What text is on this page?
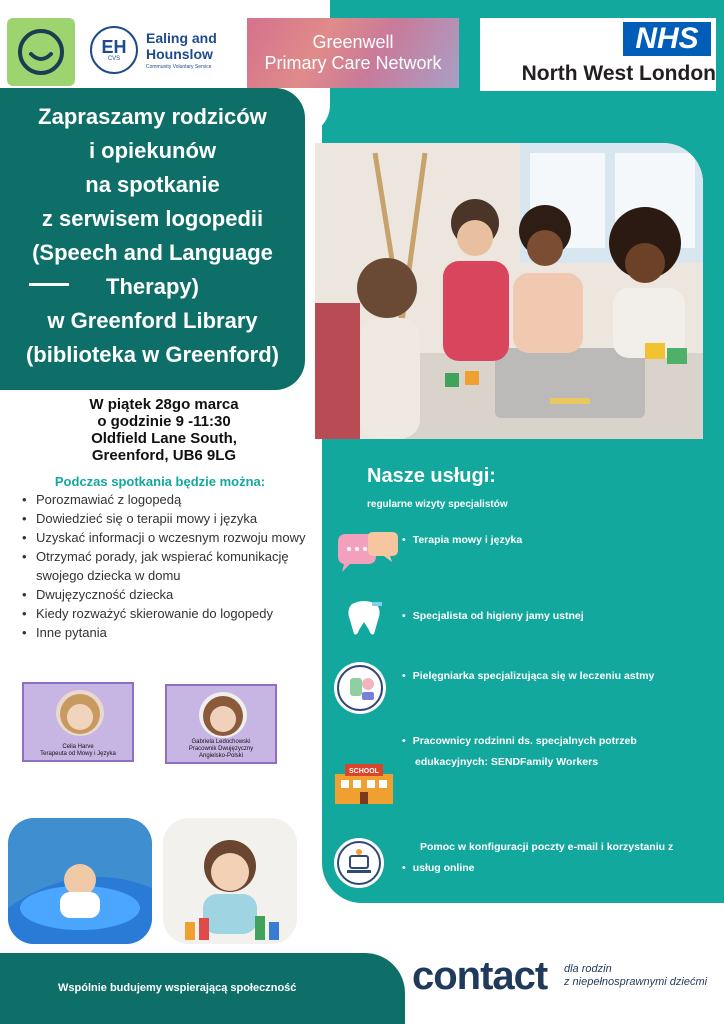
EH
CVS
Ealing and
Hounslow
Community Voluntary Service
Greenwell
Primary Care Network
NHS
North West London
Zapraszamy rodziców
i opiekunów
na spotkanie
z serwisem logopedii
(Speech and Language
Therapy)
w Greenford Library
(biblioteka w Greenford)
W piątek 28go marca
o godzinie 9 -11:30
Oldfield Lane South,
Greenford, UB6 9LG
Podczas spotkania będzie można:
• Porozmawiać z logopedą
• Dowiedzieć się o terapii mowy i języka
• Uzyskać informacji o wczesnym rozwoju mowy
• Otrzymać porady, jak wspierać komunikację swojego dziecka w domu
• Dwujęzyczność dziecka
• Kiedy rozważyć skierowanie do logopedy
• Inne pytania
Celia Harve
Terapeuta od Mowy i Języka
Gabriela Ledochowski
Pracownik Dwujęzyczny
Angielsko-Polski
Nasze usługi:
regularne wizyty specjalistów
SCHOOL
• Terapia mowy i języka
• Specjalista od higieny jamy ustnej
• Pielęgniarka specjalizująca się w leczeniu astmy
• Pracownicy rodzinni ds. specjalnych potrzeb
edukacyjnych: SENDFamily Workers
Pomoc w konfiguracji poczty e-mail i korzystaniu z
• usług online
Wspólnie budujemy wspierającą społeczność	contact dla rodzin
z niepełnosprawnymi dziećmi
